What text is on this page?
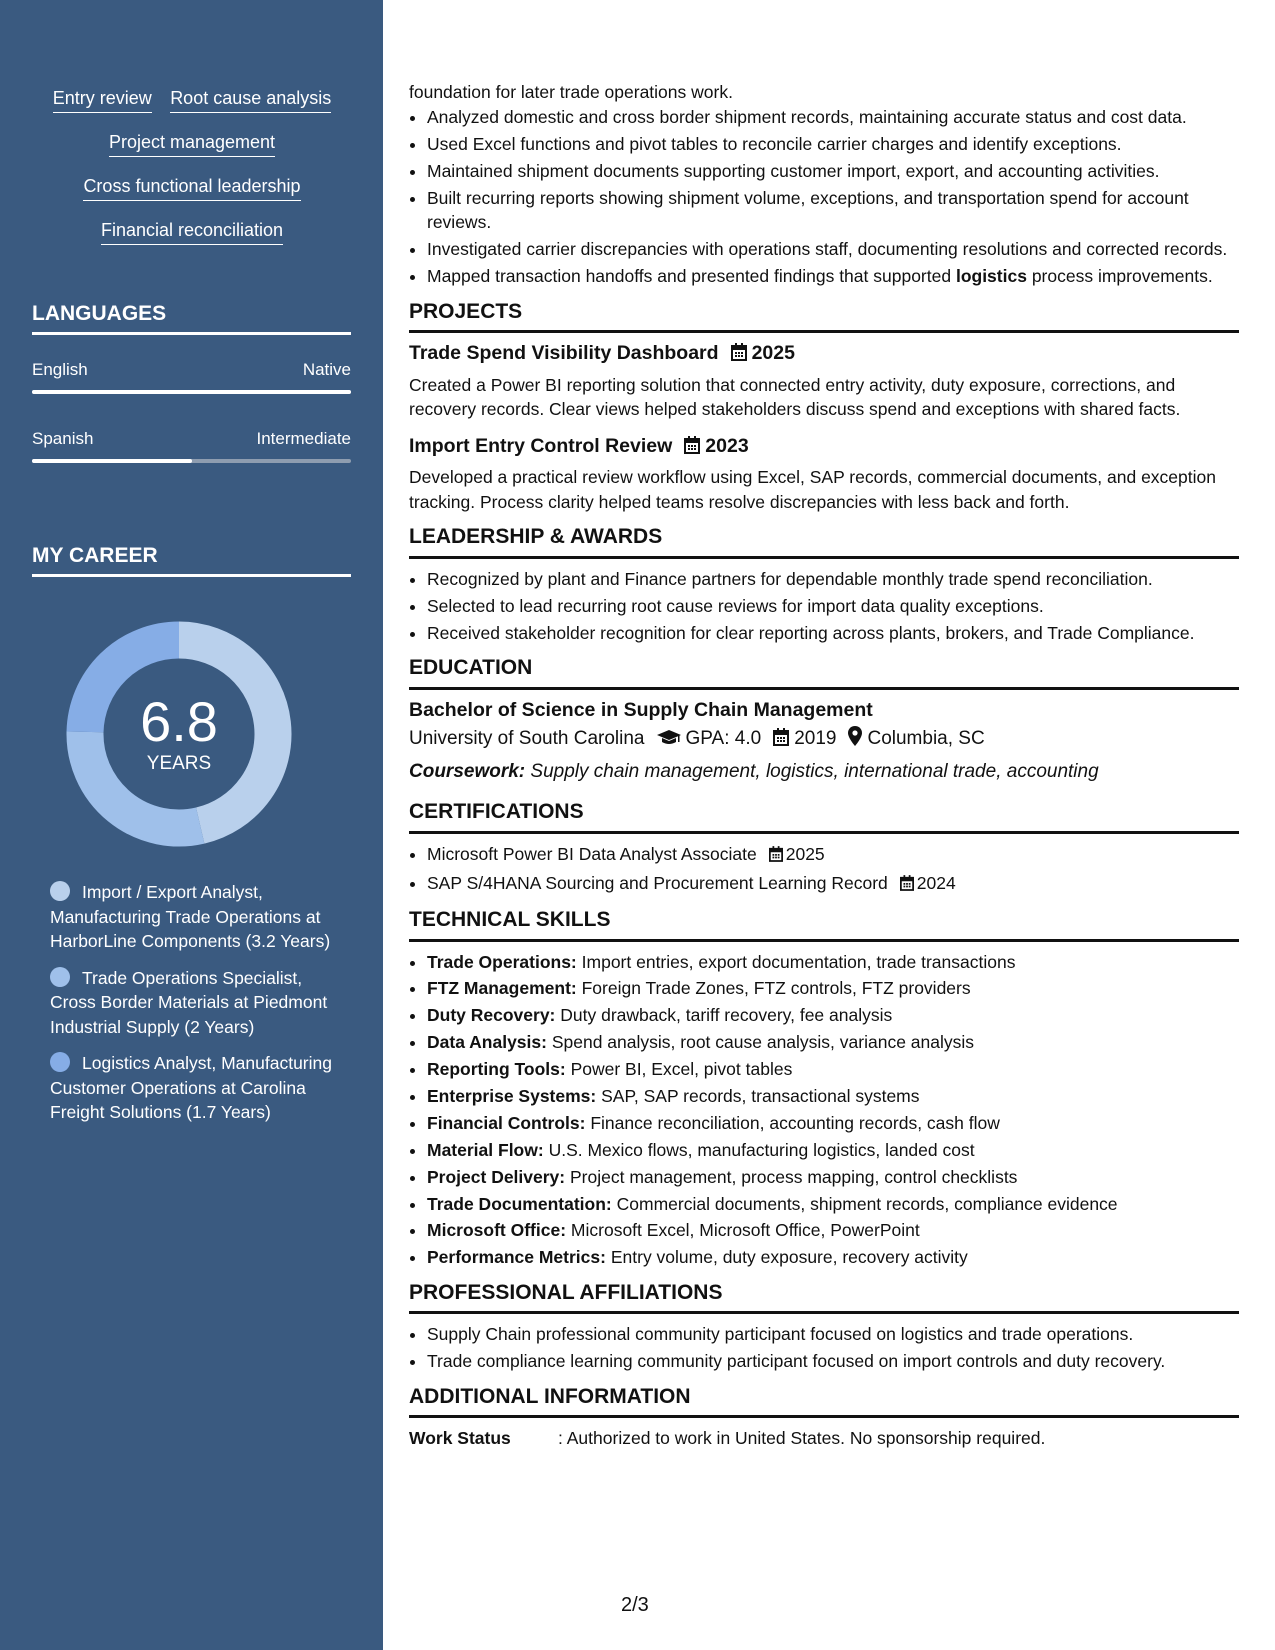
Entry review Root cause analysis
Project management
Cross functional leadership
Financial reconciliation
LANGUAGES
English	Native
Spanish	Intermediate
MY CAREER
6.8
YEARS
Import / Export Analyst, Manufacturing Trade Operations at HarborLine Components (3.2 Years)
Trade Operations Specialist, Cross Border Materials at Piedmont Industrial Supply (2 Years)
Logistics Analyst, Manufacturing Customer Operations at Carolina Freight Solutions (1.7 Years)

foundation for later trade operations work.

• Analyzed domestic and cross border shipment records, maintaining accurate status and cost data.
• Used Excel functions and pivot tables to reconcile carrier charges and identify exceptions.
• Maintained shipment documents supporting customer import, export, and accounting activities.
• Built recurring reports showing shipment volume, exceptions, and transportation spend for account reviews.
• Investigated carrier discrepancies with operations staff, documenting resolutions and corrected records.
• Mapped transaction handoffs and presented findings that supported logistics process improvements.
PROJECTS
Trade Spend Visibility Dashboard 2025

Created a Power BI reporting solution that connected entry activity, duty exposure, corrections, and recovery records. Clear views helped stakeholders discuss spend and exceptions with shared facts.

Import Entry Control Review 2023

Developed a practical review workflow using Excel, SAP records, commercial documents, and exception tracking. Process clarity helped teams resolve discrepancies with less back and forth.

LEADERSHIP & AWARDS
• Recognized by plant and Finance partners for dependable monthly trade spend reconciliation.
• Selected to lead recurring root cause reviews for import data quality exceptions.
• Received stakeholder recognition for clear reporting across plants, brokers, and Trade Compliance.
EDUCATION
Bachelor of Science in Supply Chain Management
University of South Carolina GPA: 4.0 2019 Columbia, SC
Coursework: Supply chain management, logistics, international trade, accounting
CERTIFICATIONS
• Microsoft Power BI Data Analyst Associate 2025
• SAP S/4HANA Sourcing and Procurement Learning Record 2024
TECHNICAL SKILLS
• Trade Operations: Import entries, export documentation, trade transactions
• FTZ Management: Foreign Trade Zones, FTZ controls, FTZ providers
• Duty Recovery: Duty drawback, tariff recovery, fee analysis
• Data Analysis: Spend analysis, root cause analysis, variance analysis
• Reporting Tools: Power BI, Excel, pivot tables
• Enterprise Systems: SAP, SAP records, transactional systems
• Financial Controls: Finance reconciliation, accounting records, cash flow
• Material Flow: U.S. Mexico flows, manufacturing logistics, landed cost
• Project Delivery: Project management, process mapping, control checklists
• Trade Documentation: Commercial documents, shipment records, compliance evidence
• Microsoft Office: Microsoft Excel, Microsoft Office, PowerPoint
• Performance Metrics: Entry volume, duty exposure, recovery activity
PROFESSIONAL AFFILIATIONS
• Supply Chain professional community participant focused on logistics and trade operations.
• Trade compliance learning community participant focused on import controls and duty recovery.
ADDITIONAL INFORMATION
Work Status	: Authorized to work in United States. No sponsorship required.
2/3
